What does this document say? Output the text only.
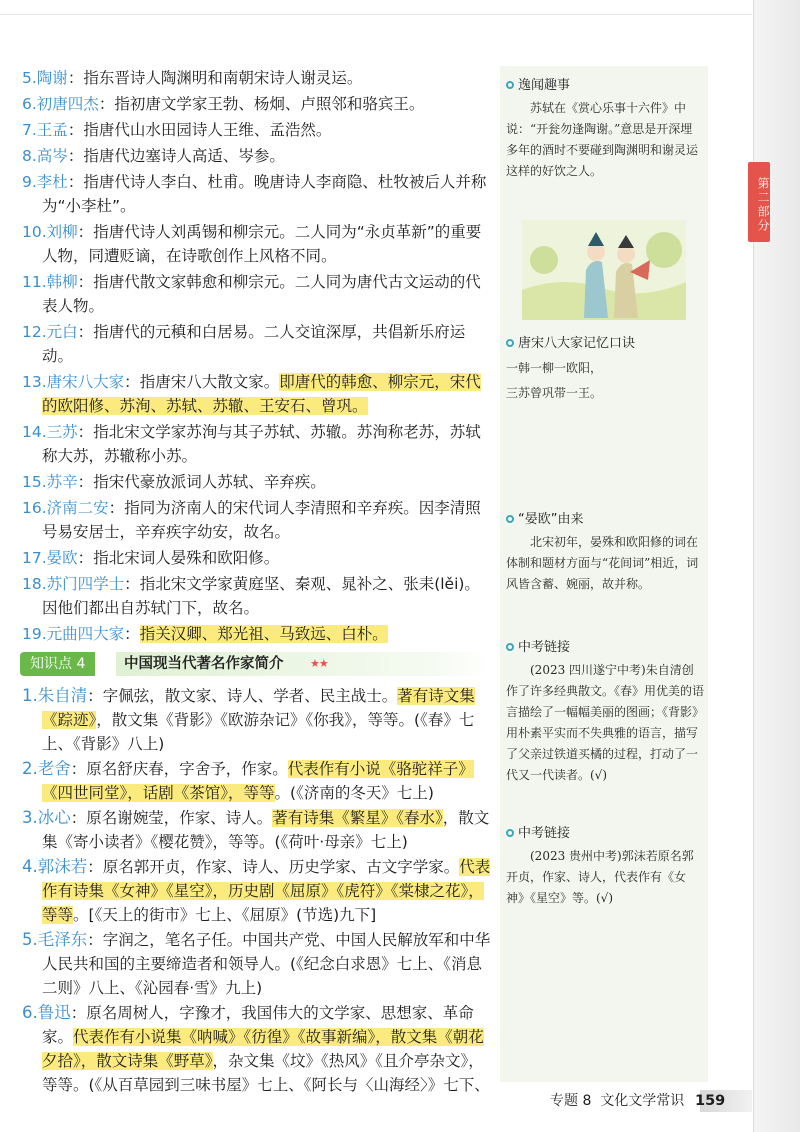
第二部分
5.陶谢：指东晋诗人陶渊明和南朝宋诗人谢灵运。
6.初唐四杰：指初唐文学家王勃、杨炯、卢照邻和骆宾王。
7.王孟：指唐代山水田园诗人王维、孟浩然。
8.高岑：指唐代边塞诗人高适、岑参。
9.李杜：指唐代诗人李白、杜甫。晚唐诗人李商隐、杜牧被后人并称为“小李杜”。
10.刘柳：指唐代诗人刘禹锡和柳宗元。二人同为“永贞革新”的重要人物，同遭贬谪，在诗歌创作上风格不同。
11.韩柳：指唐代散文家韩愈和柳宗元。二人同为唐代古文运动的代表人物。
12.元白：指唐代的元稹和白居易。二人交谊深厚，共倡新乐府运动。
13.唐宋八大家：指唐宋八大散文家。即唐代的韩愈、柳宗元，宋代的欧阳修、苏洵、苏轼、苏辙、王安石、曾巩。
14.三苏：指北宋文学家苏洵与其子苏轼、苏辙。苏洵称老苏，苏轼称大苏，苏辙称小苏。
15.苏辛：指宋代豪放派词人苏轼、辛弃疾。
16.济南二安：指同为济南人的宋代词人李清照和辛弃疾。因李清照号易安居士，辛弃疾字幼安，故名。
17.晏欧：指北宋词人晏殊和欧阳修。
18.苏门四学士：指北宋文学家黄庭坚、秦观、晁补之、张耒(lěi)。因他们都出自苏轼门下，故名。
19.元曲四大家：指关汉卿、郑光祖、马致远、白朴。
知识点 4	中国现当代著名作家简介 ★★
1.朱自清：字佩弦，散文家、诗人、学者、民主战士。著有诗文集《踪迹》，散文集《背影》《欧游杂记》《你我》，等等。(《春》七上、《背影》八上)
2.老舍：原名舒庆春，字舍予，作家。代表作有小说《骆驼祥子》《四世同堂》，话剧《茶馆》，等等。(《济南的冬天》七上)
3.冰心：原名谢婉莹，作家、诗人。著有诗集《繁星》《春水》，散文集《寄小读者》《樱花赞》，等等。(《荷叶·母亲》七上)
4.郭沫若：原名郭开贞，作家、诗人、历史学家、古文字学家。代表作有诗集《女神》《星空》，历史剧《屈原》《虎符》《棠棣之花》，等等。[《天上的街市》七上、《屈原》(节选)九下]
5.毛泽东：字润之，笔名子任。中国共产党、中国人民解放军和中华人民共和国的主要缔造者和领导人。(《纪念白求恩》七上、《消息二则》八上、《沁园春·雪》九上)
6.鲁迅：原名周树人，字豫才，我国伟大的文学家、思想家、革命家。代表作有小说集《呐喊》《彷徨》《故事新编》，散文集《朝花夕拾》，散文诗集《野草》，杂文集《坟》《热风》《且介亭杂文》，等等。(《从百草园到三味书屋》七上、《阿长与〈山海经〉》七下、
逸闻趣事
苏轼在《赏心乐事十六件》中说：“开瓮勿逢陶谢。”意思是开深埋多年的酒时不要碰到陶渊明和谢灵运这样的好饮之人。
唐宋八大家记忆口诀
一韩一柳一欧阳，
三苏曾巩带一王。
“晏欧”由来
北宋初年，晏殊和欧阳修的词在体制和题材方面与“花间词”相近，词风皆含蓄、婉丽，故并称。
中考链接
(2023 四川遂宁中考)朱自清创作了许多经典散文。《春》用优美的语言描绘了一幅幅美丽的图画；《背影》用朴素平实而不失典雅的语言，描写了父亲过铁道买橘的过程，打动了一代又一代读者。(√)
中考链接
(2023 贵州中考)郭沫若原名郭开贞，作家、诗人，代表作有《女神》《星空》等。(√)
专题 8 文化文学常识 159
